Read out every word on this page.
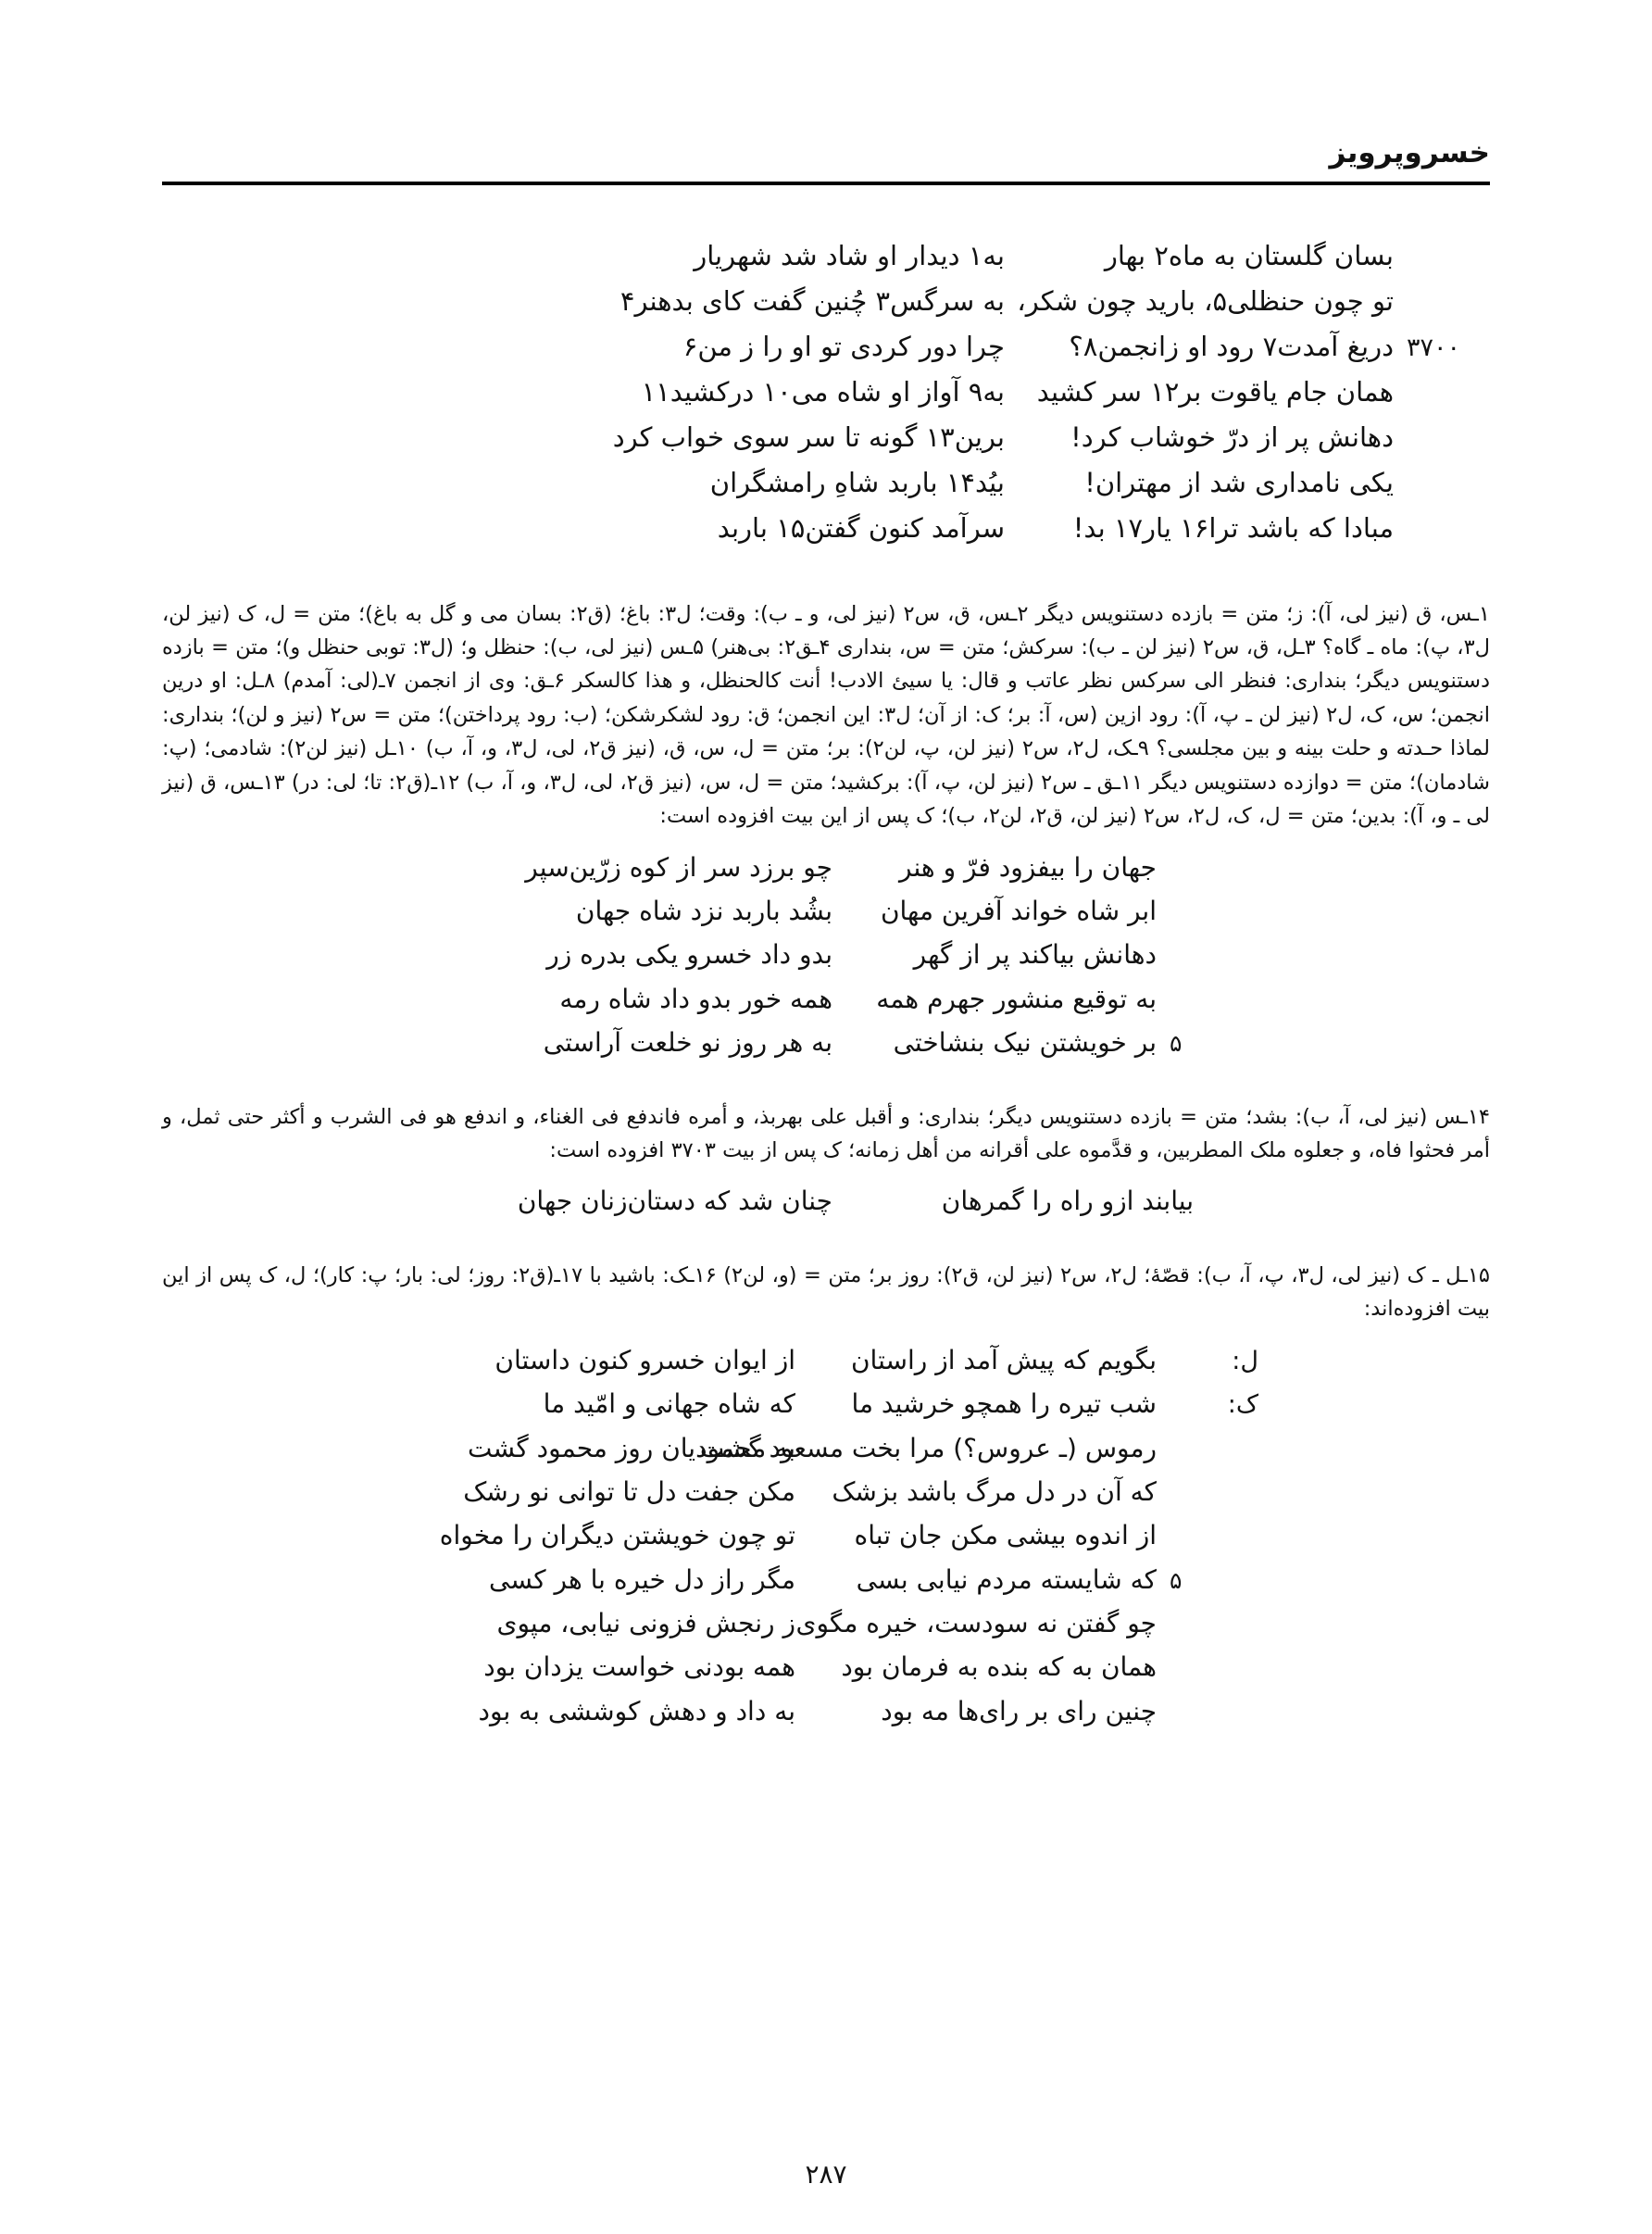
خسروپرویز
بسان گلستان به ماه۲ بهار
به۱ دیدار او شاد شد شهریار
تو چون حنظلی۵، بارید چون شکر،
به سرگس۳ چُنین گفت کای بدهنر۴
۳۷۰۰
دریغ آمدت۷ رود او زانجمن۸؟
چرا دور کردی تو او را ز من۶
همان جام یاقوت بر۱۲ سر کشید
به۹ آواز او شاه می۱۰ درکشید۱۱
دهانش پر از درّ خوشاب کرد!
برین۱۳ گونه تا سر سوی خواب کرد
یکی نامداری شد از مهتران!
بیُد۱۴ باربد شاهِ رامشگران
مبادا که باشد ترا۱۶ یار۱۷ بد!
سرآمد کنون گفتن۱۵ باربد

۱ـس، ق (نیز لی، آ): ز؛ متن = بازده دستنویس دیگر ۲ـس، ق، س۲ (نیز لی، و ـ ب): وقت؛ ل۳: باغ؛ (ق۲: بسان می و گل به باغ)؛ متن = ل، ک (نیز لن، ل۳، پ): ماه ـ گاه؟ ۳ـل، ق، س۲ (نیز لن ـ ب): سرکش؛ متن = س، بنداری ۴ـق۲: بی‌هنر) ۵ـس (نیز لی، ب): حنظل و؛ (ل۳: توبی حنظل و)؛ متن = بازده دستنویس دیگر؛ بنداری: فنظر الی سرکس نظر عاتب و قال: یا سیئ الادب! أنت کالحنظل، و هذا کالسکر ۶ـق: وی از انجمن ۷ـ(لی: آمدم) ۸ـل: او درین انجمن؛ س، ک، ل۲ (نیز لن ـ پ، آ): رود ازین (س، آ: بر؛ ک: از آن؛ ل۳: این انجمن؛ ق: رود لشکرشکن؛ (ب: رود پرداختن)؛ متن = س۲ (نیز و لن)؛ بنداری: لماذا حـدته و حلت بینه و بین مجلسی؟ ۹ـک، ل۲، س۲ (نیز لن، پ، لن۲): بر؛ متن = ل، س، ق، (نیز ق۲، لی، ل۳، و، آ، ب) ۱۰ـل (نیز لن۲): شادمی؛ (پ: شادمان)؛ متن = دوازده دستنویس دیگر ۱۱ـق ـ س۲ (نیز لن، پ، آ): برکشید؛ متن = ل، س، (نیز ق۲، لی، ل۳، و، آ، ب) ۱۲ـ(ق۲: تا؛ لی: در) ۱۳ـس، ق (نیز لی ـ و، آ): بدین؛ متن = ل، ک، ل۲، س۲ (نیز لن، ق۲، لن۲، ب)؛ ک پس از این بیت افزوده است:

جهان را بیفزود فرّ و هنر
چو برزد سر از کوه زرّین‌سپر
ابر شاه خواند آفرین مهان
بشُد باربد نزد شاه جهان
دهانش بیاکند پر از گهر
بدو داد خسرو یکی بدره زر
به توقیع منشور جهرم همه
همه خور بدو داد شاه رمه
۵
بر خویشتن نیک بنشاختی
به هر روز نو خلعت آراستی

۱۴ـس (نیز لی، آ، ب): بشد؛ متن = بازده دستنویس دیگر؛ بنداری: و أقبل علی بهربذ، و أمره فاندفع فی الغناء، و اندفع هو فی الشرب و أکثر حتی ثمل، و أمر فحثوا فاه، و جعلوه ملک المطربین، و قدَّموه علی أقرانه من أهل زمانه؛ ک پس از بیت ۳۷۰۳ افزوده است:

بیابند ازو راه را گمرهان
چنان شد که دستان‌زنان جهان

۱۵ـل ـ ک (نیز لی، ل۳، پ، آ، ب): قصّهٔ؛ ل۲، س۲ (نیز لن، ق۲): روز بر؛ متن = (و، لن۲) ۱۶ـک: باشید با ۱۷ـ(ق۲: روز؛ لی: بار؛ پ: کار)؛ ل، ک پس از این بیت افزوده‌اند:

ل:
بگویم که پیش آمد از راستان
از ایوان خسرو کنون داستان
ک:
شب تیره را همچو خرشید ما
که شاه جهانی و امّید ما
رموس (ـ عروس؟) مرا بخت مسعود گشت
به محمودیان روز محمود گشت
که آن در دل مرگ باشد بزشک
مکن جفت دل تا توانی نو رشک
از اندوه بیشی مکن جان تباه
تو چون خویشتن دیگران را مخواه
۵
که شایسته مردم نیابی بسی
مگر راز دل خیره با هر کسی
چو گفتن نه سودست، خیره مگوی
ز رنجش فزونی نیابی، مپوی
همان به که بنده به فرمان بود
همه بودنی خواست یزدان بود
چنین رای بر رای‌ها مه بود
به داد و دهش کوششی به بود
۲۸۷
